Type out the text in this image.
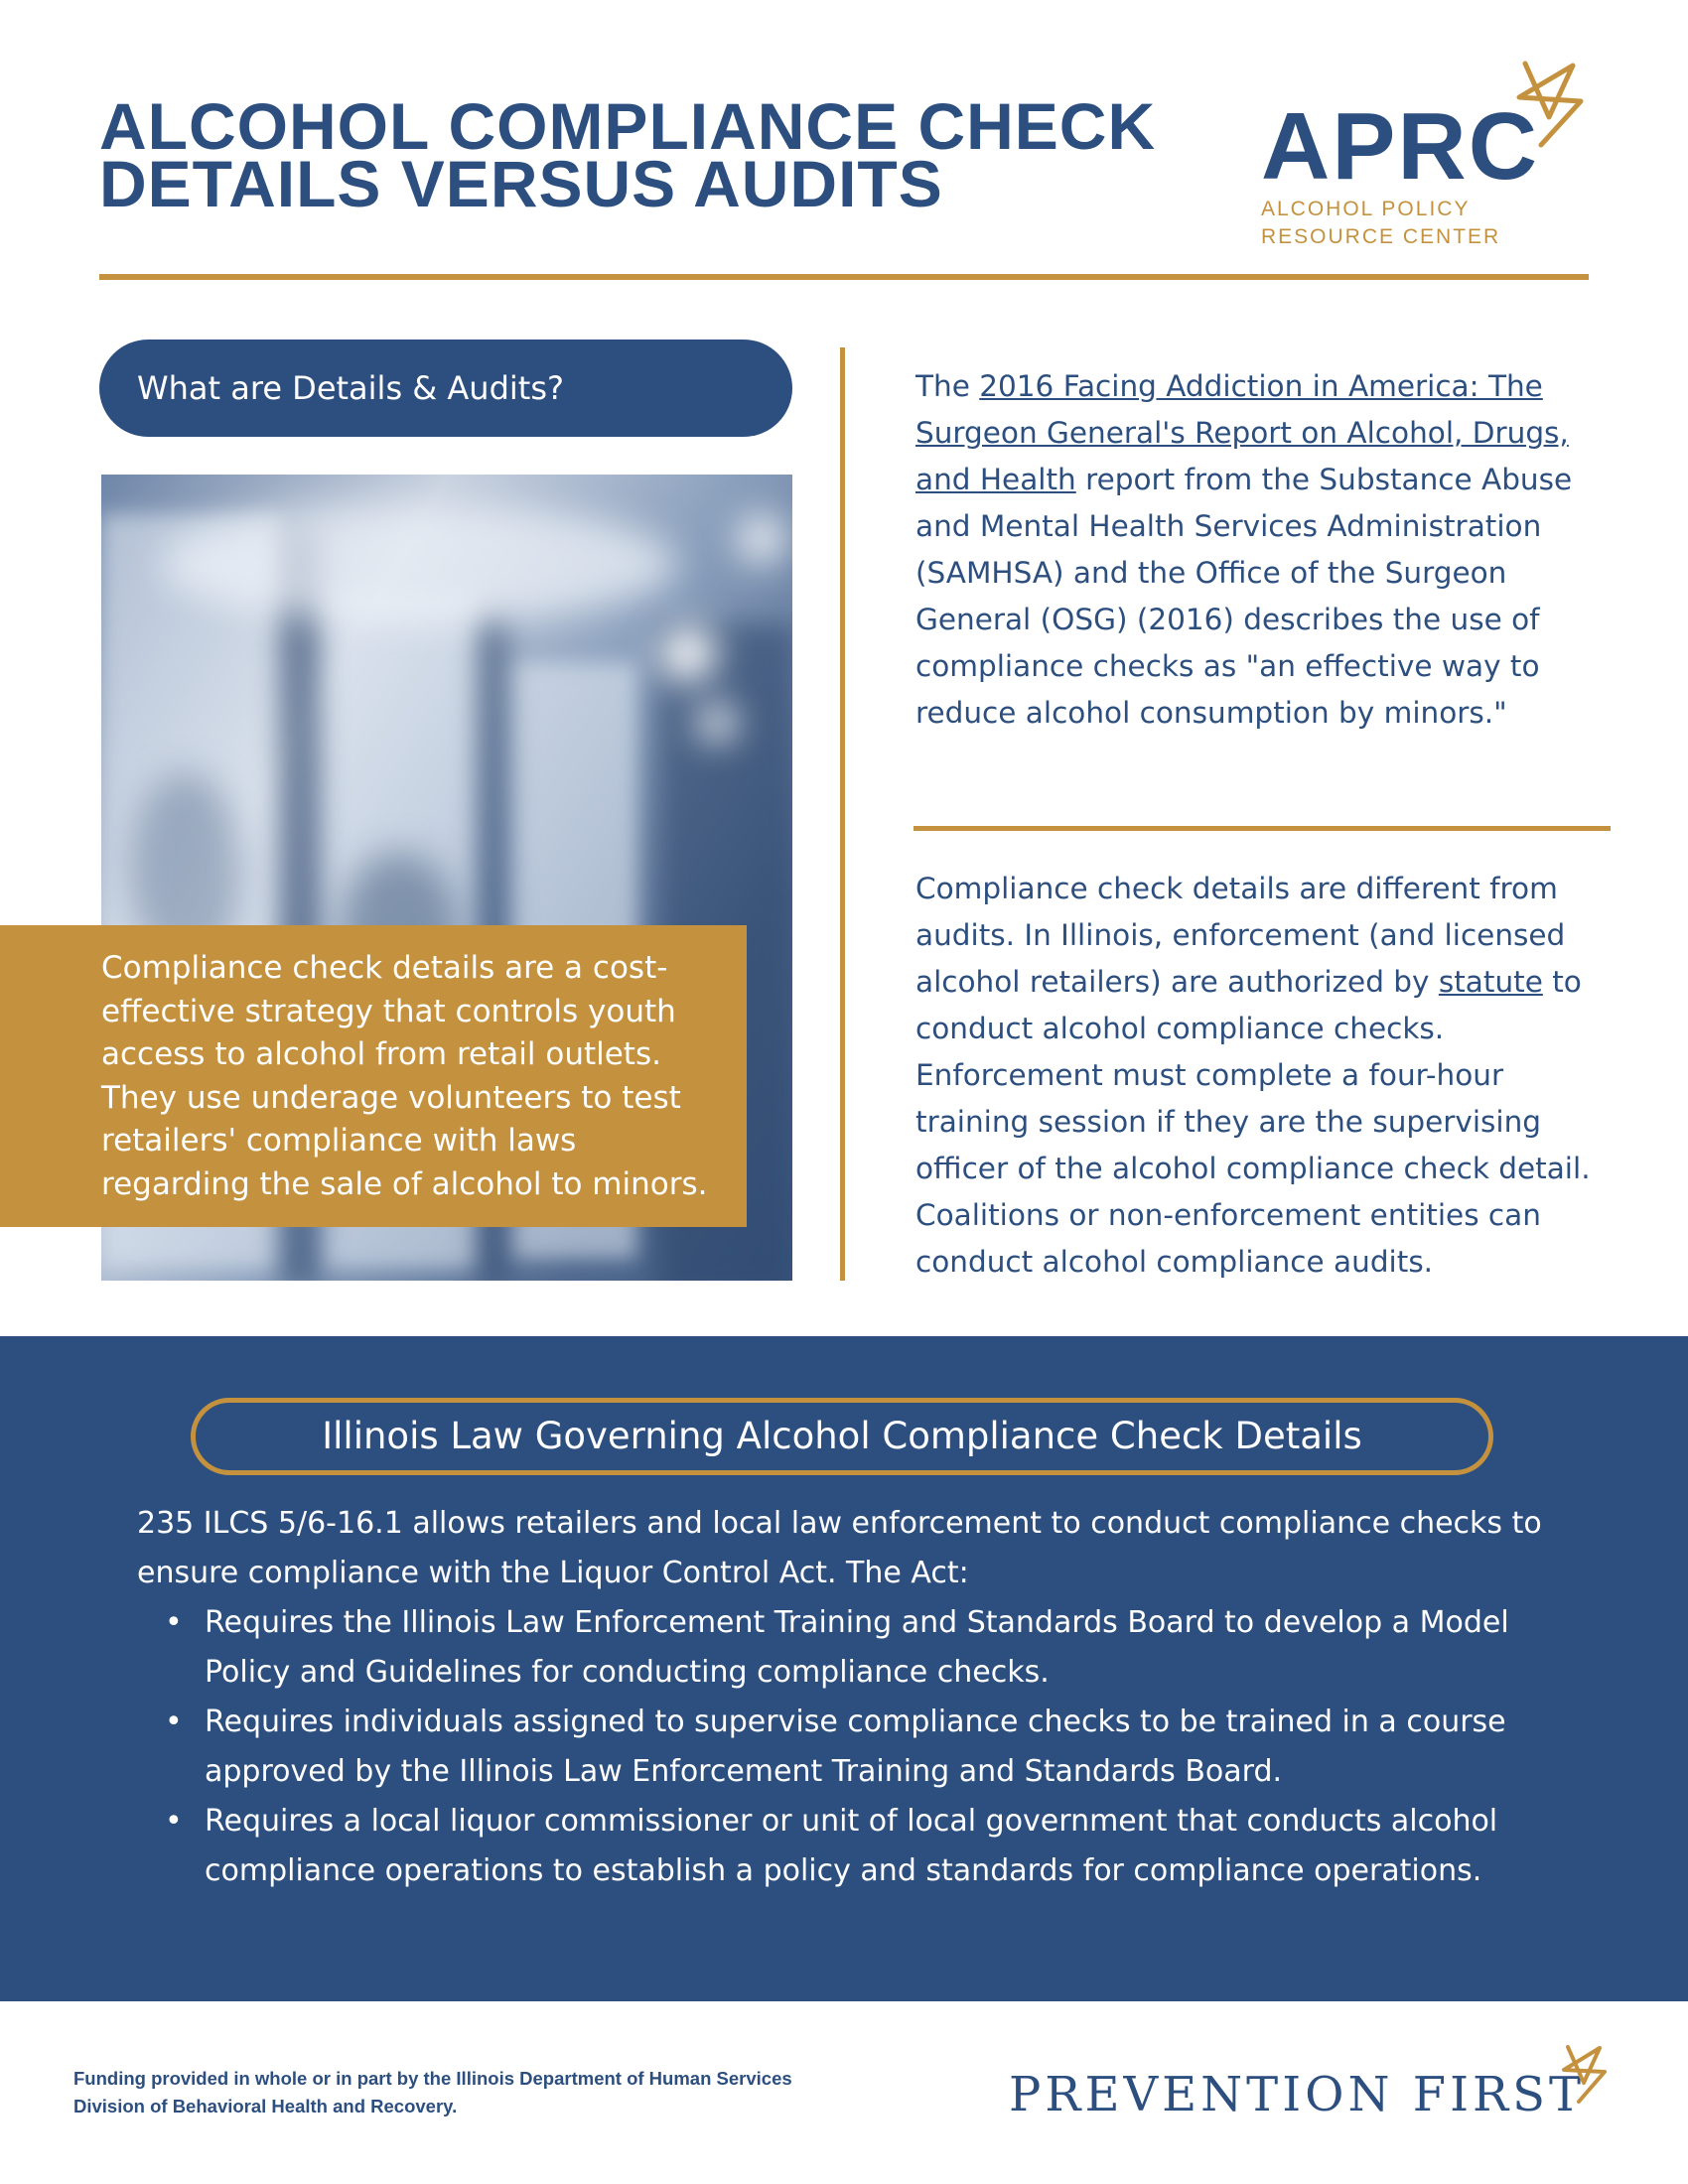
ALCOHOL COMPLIANCE CHECK
DETAILS VERSUS AUDITS	APRC
ALCOHOL POLICY
RESOURCE CENTER
What are Details & Audits?

Compliance check details are a cost-

effective strategy that controls youth

access to alcohol from retail outlets.

They use underage volunteers to test

retailers' compliance with laws

regarding the sale of alcohol to minors.

The 2016 Facing Addiction in America: The Surgeon General's Report on Alcohol, Drugs, and Health report from the Substance Abuse and Mental Health Services Administration (SAMHSA) and the Office of the Surgeon General (OSG) (2016) describes the use of compliance checks as "an effective way to reduce alcohol consumption by minors."

Compliance check details are different from audits. In Illinois, enforcement (and licensed alcohol retailers) are authorized by statute to conduct alcohol compliance checks. Enforcement must complete a four-hour training session if they are the supervising officer of the alcohol compliance check detail. Coalitions or non-enforcement entities can conduct alcohol compliance audits.

Illinois Law Governing Alcohol Compliance Check Details

235 ILCS 5/6-16.1 allows retailers and local law enforcement to conduct compliance checks to ensure compliance with the Liquor Control Act. The Act:

• Requires the Illinois Law Enforcement Training and Standards Board to develop a Model Policy and Guidelines for conducting compliance checks.
• Requires individuals assigned to supervise compliance checks to be trained in a course approved by the Illinois Law Enforcement Training and Standards Board.
• Requires a local liquor commissioner or unit of local government that conducts alcohol compliance operations to establish a policy and standards for compliance operations.

Funding provided in whole or in part by the Illinois Department of Human Services

Division of Behavioral Health and Recovery.	PREVENTION FIRST
